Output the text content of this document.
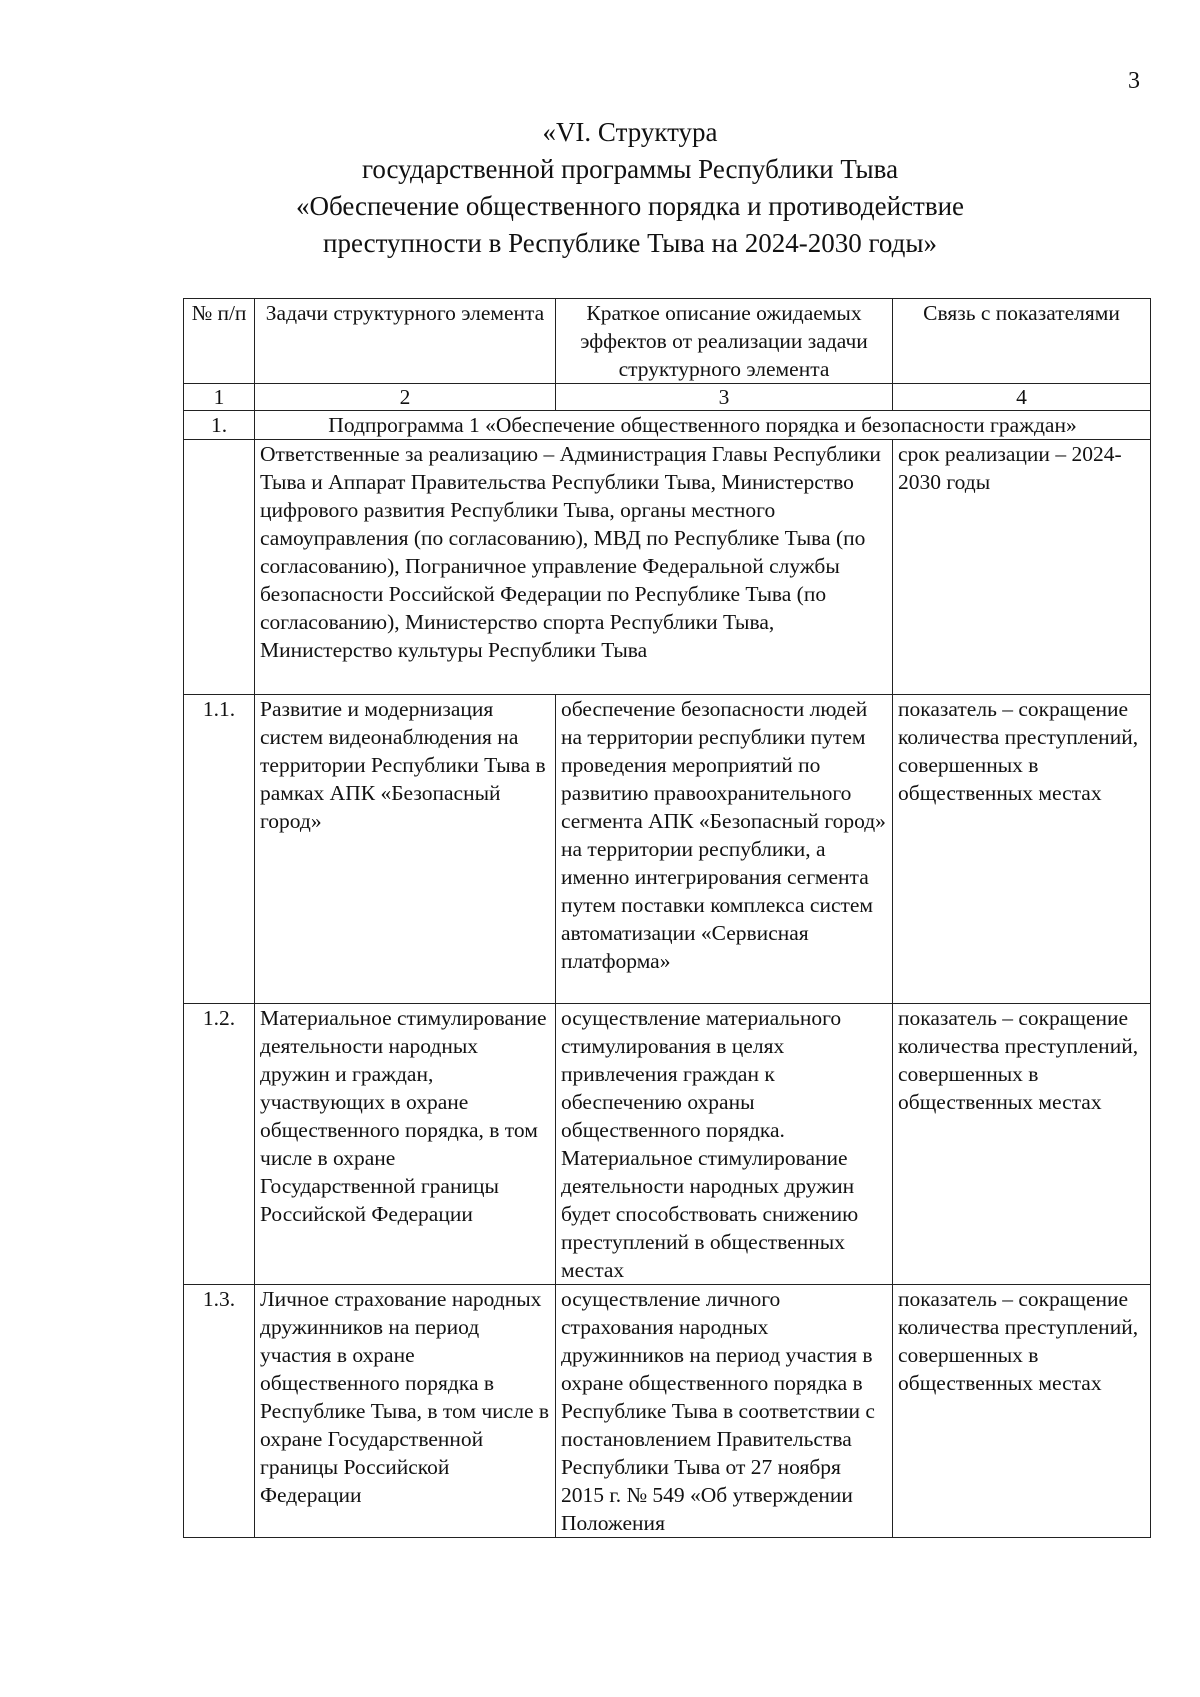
3
«VI. Структура
государственной программы Республики Тыва
«Обеспечение общественного порядка и противодействие
преступности в Республике Тыва на 2024-2030 годы»
№ п/п	Задачи структурного элемента	Краткое описание ожидаемых эффектов от реализации задачи структурного элемента	Связь с показателями
1	2	3	4
1.	Подпрограмма 1 «Обеспечение общественного порядка и безопасности граждан»		
	Ответственные за реализацию – Администрация Главы Республики Тыва и Аппарат Правительства Республики Тыва, Министерство цифрового развития Республики Тыва, органы местного самоуправления (по согласованию), МВД по Республике Тыва (по согласованию), Пограничное управление Федеральной службы безопасности Российской Федерации по Республике Тыва (по согласованию), Министерство спорта Республики Тыва, Министерство культуры Республики Тыва		срок реализации – 2024-2030 годы
1.1.	Развитие и модернизация систем видеонаблюдения на территории Республики Тыва в рамках АПК «Безопасный город»	обеспечение безопасности людей на территории республики путем проведения мероприятий по развитию правоохранительного сегмента АПК «Безопасный город» на территории республики, а именно интегрирования сегмента путем поставки комплекса систем автоматизации «Сервисная платформа»	показатель – сокращение количества преступлений, совершенных в общественных местах
1.2.	Материальное стимулирование деятельности народных дружин и граждан, участвующих в охране общественного порядка, в том числе в охране Государственной границы Российской Федерации	осуществление материального стимулирования в целях привлечения граждан к обеспечению охраны общественного порядка. Материальное стимулирование деятельности народных дружин будет способствовать снижению преступлений в общественных местах	показатель – сокращение количества преступлений, совершенных в общественных местах
1.3.	Личное страхование народных дружинников на период участия в охране общественного порядка в Республике Тыва, в том числе в охране Государственной границы Российской Федерации	осуществление личного страхования народных дружинников на период участия в охране общественного порядка в Республике Тыва в соответствии с постановлением Правительства Республики Тыва от 27 ноября 2015 г. № 549 «Об утверждении Положения	показатель – сокращение количества преступлений, совершенных в общественных местах
